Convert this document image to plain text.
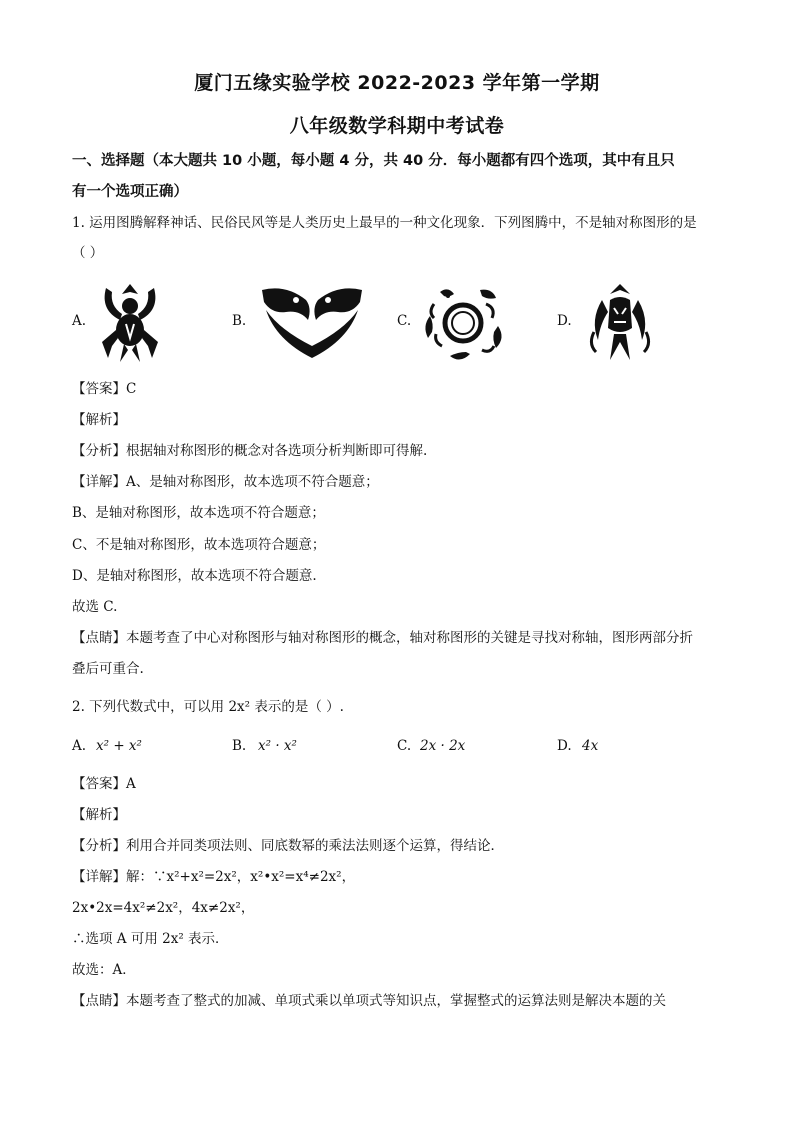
厦门五缘实验学校 2022-2023 学年第一学期
八年级数学科期中考试卷
一、选择题（本大题共 10 小题，每小题 4 分，共 40 分．每小题都有四个选项，其中有且只
有一个选项正确）
1. 运用图腾解释神话、民俗民风等是人类历史上最早的一种文化现象．下列图腾中，不是轴对称图形的是
（ ）
A.	B.	C.	D.
【答案】C
【解析】
【分析】根据轴对称图形的概念对各选项分析判断即可得解.
【详解】A、是轴对称图形，故本选项不符合题意；
B、是轴对称图形，故本选项不符合题意；
C、不是轴对称图形，故本选项符合题意；
D、是轴对称图形，故本选项不符合题意.
故选 C.
【点睛】本题考查了中心对称图形与轴对称图形的概念，轴对称图形的关键是寻找对称轴，图形两部分折
叠后可重合.
2. 下列代数式中，可以用 2x² 表示的是（ ）.
A. x² + x²	B. x² · x²	C. 2x · 2x	D. 4x
【答案】A
【解析】
【分析】利用合并同类项法则、同底数幂的乘法法则逐个运算，得结论．
【详解】解：∵x²+x²=2x²，x²•x²=x⁴≠2x²，
2x•2x=4x²≠2x²，4x≠2x²，
∴选项 A 可用 2x² 表示．
故选：A．
【点睛】本题考查了整式的加减、单项式乘以单项式等知识点，掌握整式的运算法则是解决本题的关
